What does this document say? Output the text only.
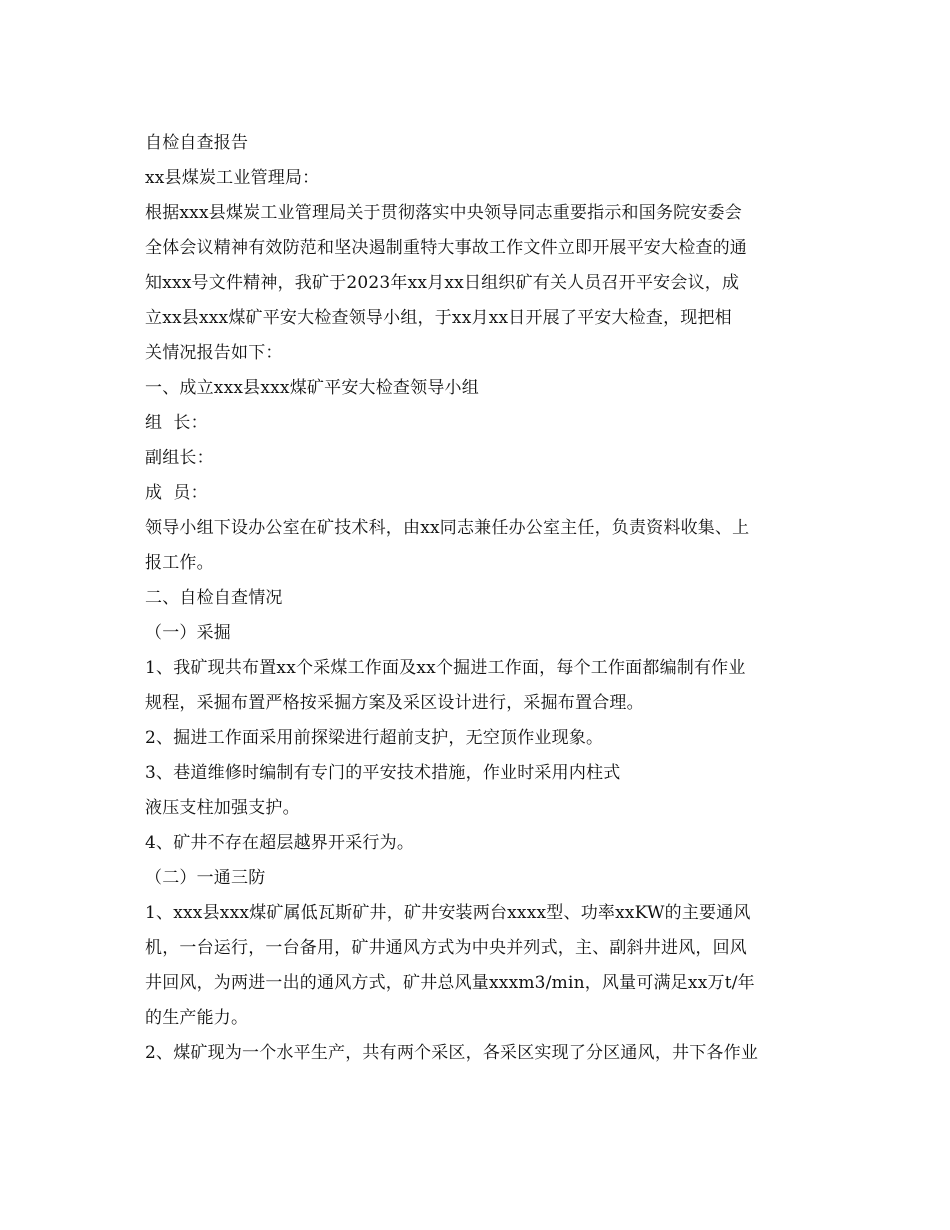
自检自查报告

xx县煤炭工业管理局：

根据xxx县煤炭工业管理局关于贯彻落实中央领导同志重要指示和国务院安委会
全体会议精神有效防范和坚决遏制重特大事故工作文件立即开展平安大检查的通
知xxx号文件精神，我矿于2023年xx月xx日组织矿有关人员召开平安会议，成
立xx县xxx煤矿平安大检查领导小组，于xx月xx日开展了平安大检查，现把相
关情况报告如下：

一、成立xxx县xxx煤矿平安大检查领导小组

组  长：

副组长：

成  员：

领导小组下设办公室在矿技术科，由xx同志兼任办公室主任，负责资料收集、上
报工作。

二、自检自查情况

（一）采掘

1、我矿现共布置xx个采煤工作面及xx个掘进工作面，每个工作面都编制有作业
规程，采掘布置严格按采掘方案及采区设计进行，采掘布置合理。

2、掘进工作面采用前探梁进行超前支护，无空顶作业现象。

3、巷道维修时编制有专门的平安技术措施，作业时采用内柱式
液压支柱加强支护。

4、矿井不存在超层越界开采行为。

（二）一通三防

1、xxx县xxx煤矿属低瓦斯矿井，矿井安装两台xxxx型、功率xxKW的主要通风
机，一台运行，一台备用，矿井通风方式为中央并列式，主、副斜井进风，回风
井回风，为两进一出的通风方式，矿井总风量xxxm3/min，风量可满足xx万t/年
的生产能力。
2、煤矿现为一个水平生产，共有两个采区，各采区实现了分区通风，井下各作业
